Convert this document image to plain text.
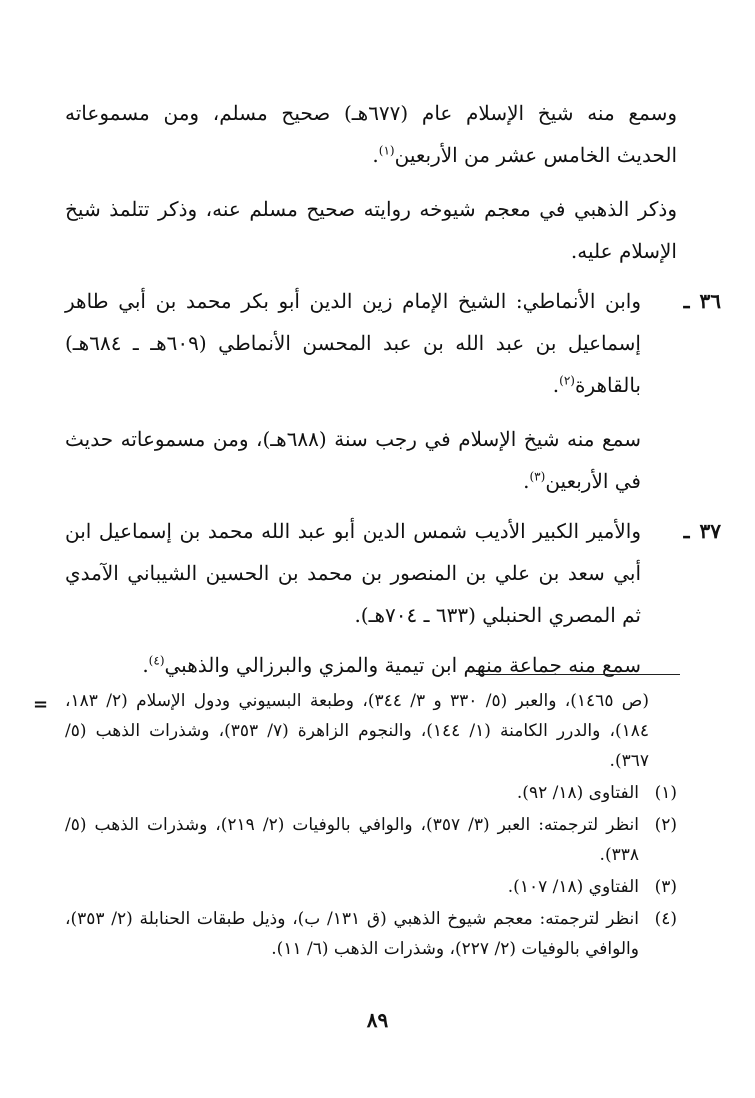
وسمع منه شيخ الإسلام عام (٦٧٧هـ) صحيح مسلم، ومن مسموعاته الحديث الخامس عشر من الأربعين$^{(١)}$.

وذكر الذهبي في معجم شيوخه روايته صحيح مسلم عنه، وذكر تتلمذ شيخ الإسلام عليه.

٣٦ـ

وابن الأنماطي: الشيخ الإمام زين الدين أبو بكر محمد بن أبي طاهر إسماعيل بن عبد الله بن عبد المحسن الأنماطي (٦٠٩هـ ـ ٦٨٤هـ) بالقاهرة$^{(٢)}$.

سمع منه شيخ الإسلام في رجب سنة (٦٨٨هـ)، ومن مسموعاته حديث في الأربعين$^{(٣)}$.

٣٧ـ

والأمير الكبير الأديب شمس الدين أبو عبد الله محمد بن إسماعيل ابن أبي سعد بن علي بن المنصور بن محمد بن الحسين الشيباني الآمدي ثم المصري الحنبلي (٦٣٣ ـ ٧٠٤هـ).

سمع منه جماعة منهم ابن تيمية والمزي والبرزالي والذهبي$^{(٤)}$.

= (ص ١٤٦٥)، والعبر (٥/ ٣٣٠ و ٣/ ٣٤٤)، وطبعة البسيوني ودول الإسلام (٢/ ١٨٣، ١٨٤)، والدرر الكامنة (١/ ١٤٤)، والنجوم الزاهرة (٧/ ٣٥٣)، وشذرات الذهب (٥/ ٣٦٧).

(١)
الفتاوى (١٨/ ٩٢).

(٢)
انظر لترجمته: العبر (٣/ ٣٥٧)، والوافي بالوفيات (٢/ ٢١٩)، وشذرات الذهب (٥/ ٣٣٨).

(٣)
الفتاوي (١٨/ ١٠٧).

(٤)
انظر لترجمته: معجم شيوخ الذهبي (ق ١٣١/ ب)، وذيل طبقات الحنابلة (٢/ ٣٥٣)، والوافي بالوفيات (٢/ ٢٢٧)، وشذرات الذهب (٦/ ١١).

٨٩
